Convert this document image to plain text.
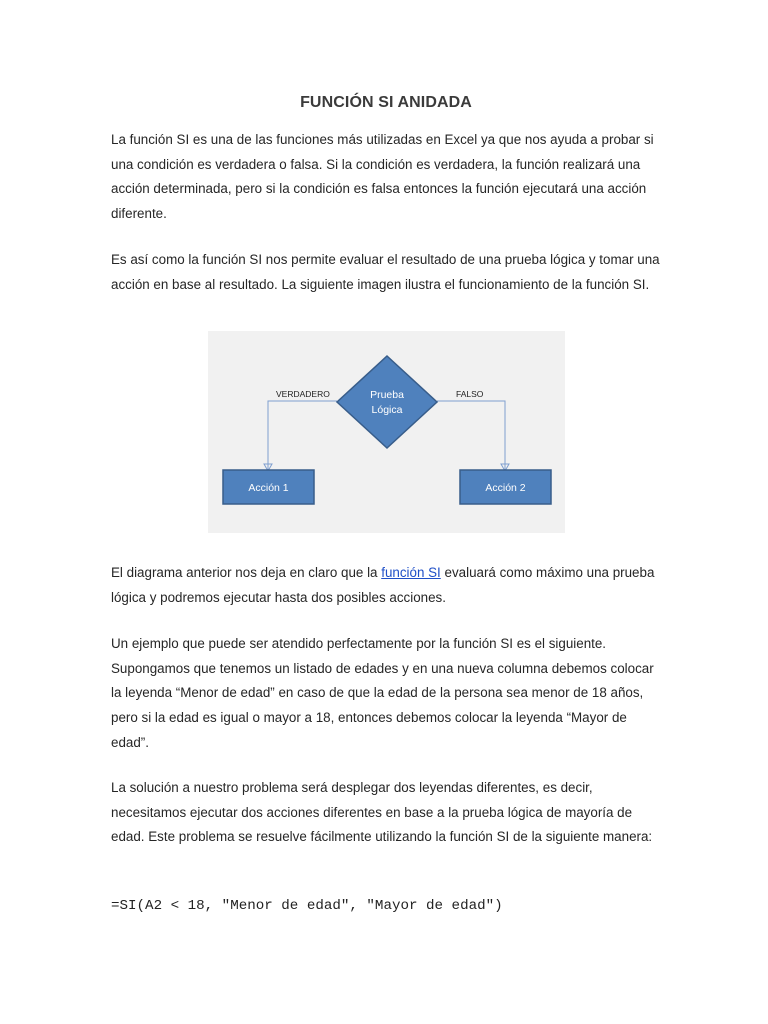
FUNCIÓN SI ANIDADA

La función SI es una de las funciones más utilizadas en Excel ya que nos ayuda a probar si una condición es verdadera o falsa. Si la condición es verdadera, la función realizará una acción determinada, pero si la condición es falsa entonces la función ejecutará una acción diferente.

Es así como la función SI nos permite evaluar el resultado de una prueba lógica y tomar una acción en base al resultado. La siguiente imagen ilustra el funcionamiento de la función SI.

Prueba
Lógica
VERDADERO	FALSO
Acción 1	Acción 2

El diagrama anterior nos deja en claro que la función SI evaluará como máximo una prueba lógica y podremos ejecutar hasta dos posibles acciones.

Un ejemplo que puede ser atendido perfectamente por la función SI es el siguiente. Supongamos que tenemos un listado de edades y en una nueva columna debemos colocar la leyenda “Menor de edad” en caso de que la edad de la persona sea menor de 18 años, pero si la edad es igual o mayor a 18, entonces debemos colocar la leyenda “Mayor de edad”.

La solución a nuestro problema será desplegar dos leyendas diferentes, es decir, necesitamos ejecutar dos acciones diferentes en base a la prueba lógica de mayoría de edad. Este problema se resuelve fácilmente utilizando la función SI de la siguiente manera:

=SI(A2 < 18, "Menor de edad", "Mayor de edad")
